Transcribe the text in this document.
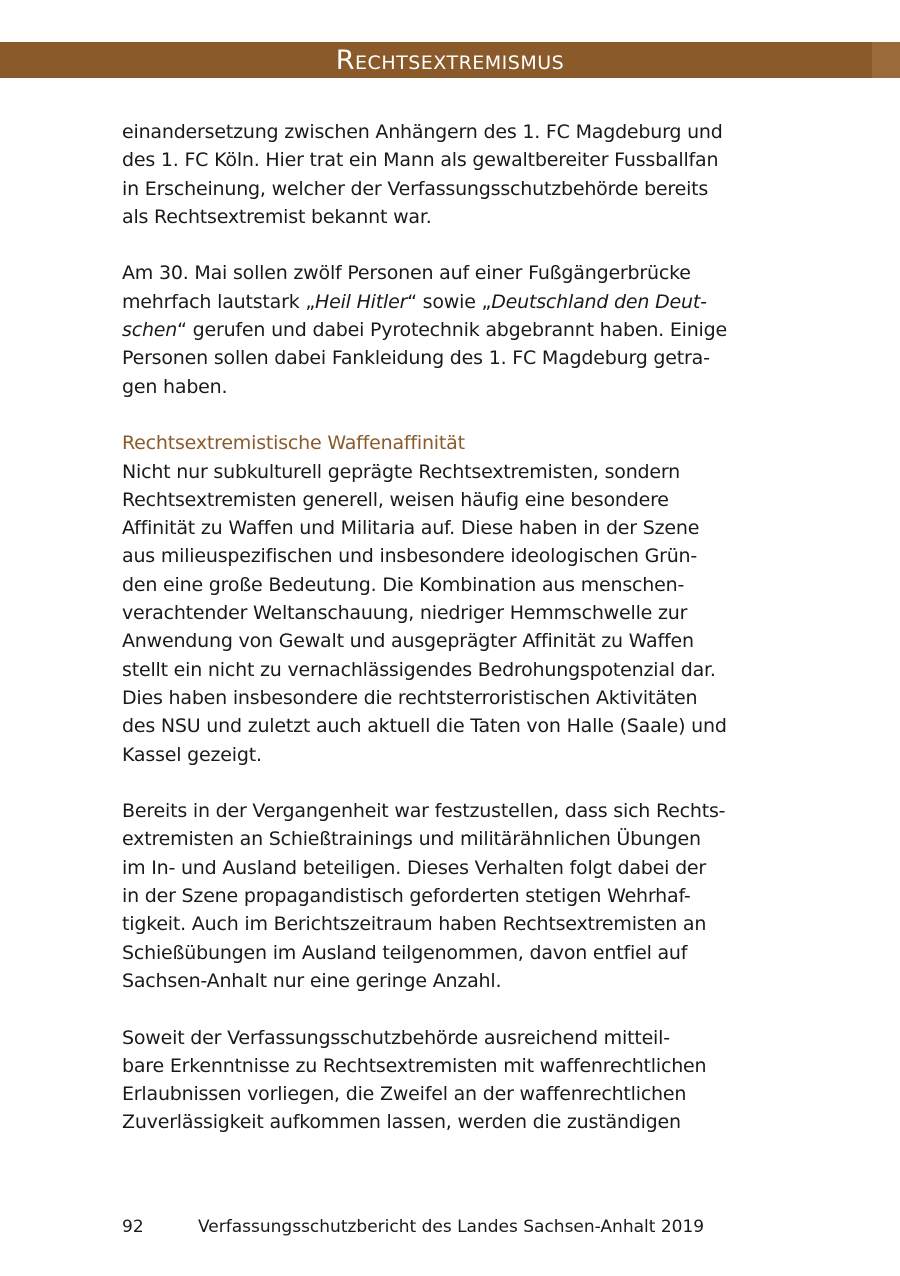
Rechtsextremismus

einandersetzung zwischen Anhängern des 1. FC Magdeburg und
des 1. FC Köln. Hier trat ein Mann als gewaltbereiter Fussballfan
in Erscheinung, welcher der Verfassungsschutzbehörde bereits
als Rechtsextremist bekannt war.

Am 30. Mai sollen zwölf Personen auf einer Fußgängerbrücke
mehrfach lautstark „Heil Hitler“ sowie „Deutschland den Deut-
schen“ gerufen und dabei Pyrotechnik abgebrannt haben. Einige
Personen sollen dabei Fankleidung des 1. FC Magdeburg getra-
gen haben.

Rechtsextremistische Waffenaffinität

Nicht nur subkulturell geprägte Rechtsextremisten, sondern
Rechtsextremisten generell, weisen häufig eine besondere
Affinität zu Waffen und Militaria auf. Diese haben in der Szene
aus milieuspezifischen und insbesondere ideologischen Grün-
den eine große Bedeutung. Die Kombination aus menschen-
verachtender Weltanschauung, niedriger Hemmschwelle zur
Anwendung von Gewalt und ausgeprägter Affinität zu Waffen
stellt ein nicht zu vernachlässigendes Bedrohungspotenzial dar.
Dies haben insbesondere die rechtsterroristischen Aktivitäten
des NSU und zuletzt auch aktuell die Taten von Halle (Saale) und
Kassel gezeigt.

Bereits in der Vergangenheit war festzustellen, dass sich Rechts-
extremisten an Schießtrainings und militärähnlichen Übungen
im In- und Ausland beteiligen. Dieses Verhalten folgt dabei der
in der Szene propagandistisch geforderten stetigen Wehrhaf-
tigkeit. Auch im Berichtszeitraum haben Rechtsextremisten an
Schießübungen im Ausland teilgenommen, davon entfiel auf
Sachsen-Anhalt nur eine geringe Anzahl.

Soweit der Verfassungsschutzbehörde ausreichend mitteil-
bare Erkenntnisse zu Rechtsextremisten mit waffenrechtlichen
Erlaubnissen vorliegen, die Zweifel an der waffenrechtlichen
Zuverlässigkeit aufkommen lassen, werden die zuständigen

92	Verfassungsschutzbericht des Landes Sachsen-Anhalt 2019
